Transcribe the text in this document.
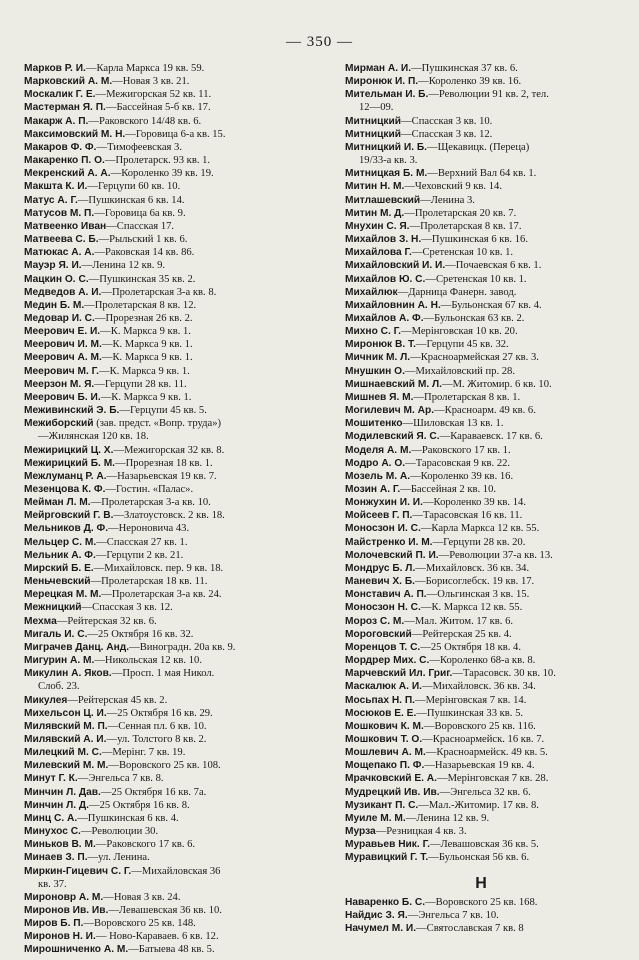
— 350 —
Марков Р. И.—Карла Маркса 19 кв. 59.
Марковский А. М.—Новая 3 кв. 21.
Москалик Г. Е.—Межигорская 52 кв. 11.
Мастерман Я. П.—Бассейная 5-б кв. 17.
Макарж А. П.—Раковского 14/48 кв. 6.
Максимовский М. Н.—Горовица 6-а кв. 15.
Макаров Ф. Ф.—Тимофеевская 3.
Макаренко П. О.—Пролетарск. 93 кв. 1.
Мекренский А. А.—Короленко 39 кв. 19.
Макшта К. И.—Герцупи 60 кв. 10.
Матус А. Г.—Пушкинская 6 кв. 14.
Матусов М. П.—Горовица 6а кв. 9.
Матвеенко Иван—Спасская 17.
Матвеева С. Б.—Рыльский 1 кв. 6.
Матюкас А. А.—Раковская 14 кв. 86.
Мауэр Я. И.—Ленина 12 кв. 9.
Мацкин О. С.—Пушкинская 35 кв. 2.
Медведов А. И.—Пролетарская 3-а кв. 8.
Медин Б. М.—Пролетарская 8 кв. 12.
Медовар И. С.—Прорезная 26 кв. 2.
Меерович Е. И.—К. Маркса 9 кв. 1.
Меерович И. М.—К. Маркса 9 кв. 1.
Меерович А. М.—К. Маркса 9 кв. 1.
Меерович М. Г.—К. Маркса 9 кв. 1.
Меерзон М. Я.—Герцупи 28 кв. 11.
Меерович Б. И.—К. Маркса 9 кв. 1.
Меживинский Э. Б.—Герцупи 45 кв. 5.
Межиборский (зав. предст. «Вопр. труда»)
—Жилянская 120 кв. 18.
Межирицкий Ц. Х.—Межигорская 32 кв. 8.
Межирицкий Б. М.—Прорезная 18 кв. 1.
Межлуманц Р. А.—Назарьевская 19 кв. 7.
Мезенцова К. Ф.—Гостин. «Палас».
Мейман Л. М.—Пролетарская 3-а кв. 10.
Мейрговский Г. В.—Златоустовск. 2 кв. 18.
Мельников Д. Ф.—Нероновича 43.
Мельцер С. М.—Спасская 27 кв. 1.
Мельник А. Ф.—Герцупи 2 кв. 21.
Мирский Б. Е.—Михайловск. пер. 9 кв. 18.
Меньчевский—Пролетарская 18 кв. 11.
Мерецкая М. М.—Пролетарская 3-а кв. 24.
Межницкий—Спасская 3 кв. 12.
Мехма—Рейтерская 32 кв. 6.
Мигаль И. С.—25 Октября 16 кв. 32.
Миграчев Данц. Анд.—Виноградн. 20а кв. 9.
Мигурин А. М.—Никольская 12 кв. 10.
Микулин А. Яков.—Просп. 1 мая Никол.
Слоб. 23.
Микулея—Рейтерская 45 кв. 2.
Михельсон Ц. И.—25 Октября 16 кв. 29.
Милявский М. П.—Сенная пл. 6 кв. 10.
Милявский А. И.—ул. Толстого 8 кв. 2.
Милецкий М. С.—Мерінг. 7 кв. 19.
Милевский М. М.—Воровского 25 кв. 108.
Минут Г. К.—Энгельса 7 кв. 8.
Минчин Л. Дав.—25 Октября 16 кв. 7а.
Минчин Л. Д.—25 Октября 16 кв. 8.
Минц С. А.—Пушкинская 6 кв. 4.
Минухос С.—Революции 30.
Миньков В. М.—Раковского 17 кв. 6.
Минаев З. П.—ул. Ленина.
Миркин-Гицевич С. Г.—Михайловская 36
кв. 37.
Мироновр А. М.—Новая 3 кв. 24.
Миронов Ив. Ив.—Левашевская 36 кв. 10.
Миров Б. П.—Воровского 25 кв. 148.
Миронов Н. И.— Ново-Караваев. 6 кв. 12.
Мирошниченко А. М.—Батыева 48 кв. 5.
Мирман А. И.—Пушкинская 37 кв. 6.
Миронюк И. П.—Короленко 39 кв. 16.
Мительман И. Б.—Революции 91 кв. 2, тел.
12—09.
Митницкий—Спасская 3 кв. 10.
Митницкий—Спасская 3 кв. 12.
Митницкий И. Б.—Щекавицк. (Переца)
19/33-а кв. 3.
Митницкая Б. М.—Верхний Вал 64 кв. 1.
Митин Н. М.—Чеховский 9 кв. 14.
Митлашевский—Ленина 3.
Митин М. Д.—Пролетарская 20 кв. 7.
Мнухин С. Я.—Пролетарская 8 кв. 17.
Михайлов З. Н.—Пушкинская 6 кв. 16.
Михайлова Г.—Сретенская 10 кв. 1.
Михайловский И. И.—Почаевская 6 кв. 1.
Михайлов Ю. С.—Сретенская 10 кв. 1.
Михайлюк—Дарница Фанерн. завод.
Михайловнин А. Н.—Бульонская 67 кв. 4.
Михайлов А. Ф.—Бульонская 63 кв. 2.
Михно С. Г.—Мерінговская 10 кв. 20.
Миронюк В. Т.—Герцупи 45 кв. 32.
Мичник М. Л.—Красноармейская 27 кв. 3.
Мнушкин О.—Михайловский пр. 28.
Мишнаевский М. Л.—М. Житомир. 6 кв. 10.
Мишнев Я. М.—Пролетарская 8 кв. 1.
Могилевич М. Ар.—Красноарм. 49 кв. 6.
Мошитенко—Шиловская 13 кв. 1.
Модилевский Я. С.—Караваевск. 17 кв. 6.
Моделя А. М.—Раковского 17 кв. 1.
Модро А. О.—Тарасовская 9 кв. 22.
Мозель М. А.—Короленко 39 кв. 16.
Мозин А. Г.—Бассейная 2 кв. 10.
Монжухин И. И.—Короленко 39 кв. 14.
Мойсеев Г. П.—Тарасовская 16 кв. 11.
Моносзон И. С.—Карла Маркса 12 кв. 55.
Майстренко И. М.—Герцупи 28 кв. 20.
Молочевский П. И.—Революции 37-а кв. 13.
Мондрус Б. Л.—Михайловск. 36 кв. 34.
Маневич Х. Б.—Борисоглебск. 19 кв. 17.
Монставич А. П.—Ольгинская 3 кв. 15.
Моносзон Н. С.—К. Маркса 12 кв. 55.
Мороз С. М.—Мал. Житом. 17 кв. 6.
Мороговский—Рейтерская 25 кв. 4.
Моренцов Т. С.—25 Октября 18 кв. 4.
Мордрер Мих. С.—Короленко 68-а кв. 8.
Марчевский Ил. Григ.—Тарасовск. 30 кв. 10.
Маскалюк А. И.—Михайловск. 36 кв. 34.
Мосьпах Н. П.—Мерінговская 7 кв. 14.
Мосюков Е. Е.—Пушкинская 33 кв. 5.
Мошкович К. М.—Воровского 25 кв. 116.
Мошкович Т. О.—Красноармейск. 16 кв. 7.
Мошлевич А. М.—Красноармейск. 49 кв. 5.
Мощепако П. Ф.—Назарьевская 19 кв. 4.
Мрачковский Е. А.—Мерінговская 7 кв. 28.
Мудрецкий Ив. Ив.—Энгельса 32 кв. 6.
Музикант П. С.—Мал.-Житомир. 17 кв. 8.
Муиле М. М.—Ленина 12 кв. 9.
Мурза—Резницкая 4 кв. 3.
Муравьев Ник. Г.—Левашовская 36 кв. 5.
Муравицкий Г. Т.—Бульонская 56 кв. 6.
Н
Наваренко Б. С.—Воровского 25 кв. 168.
Найдис З. Я.—Энгельса 7 кв. 10.
Начумел М. И.—Святославская 7 кв. 8
